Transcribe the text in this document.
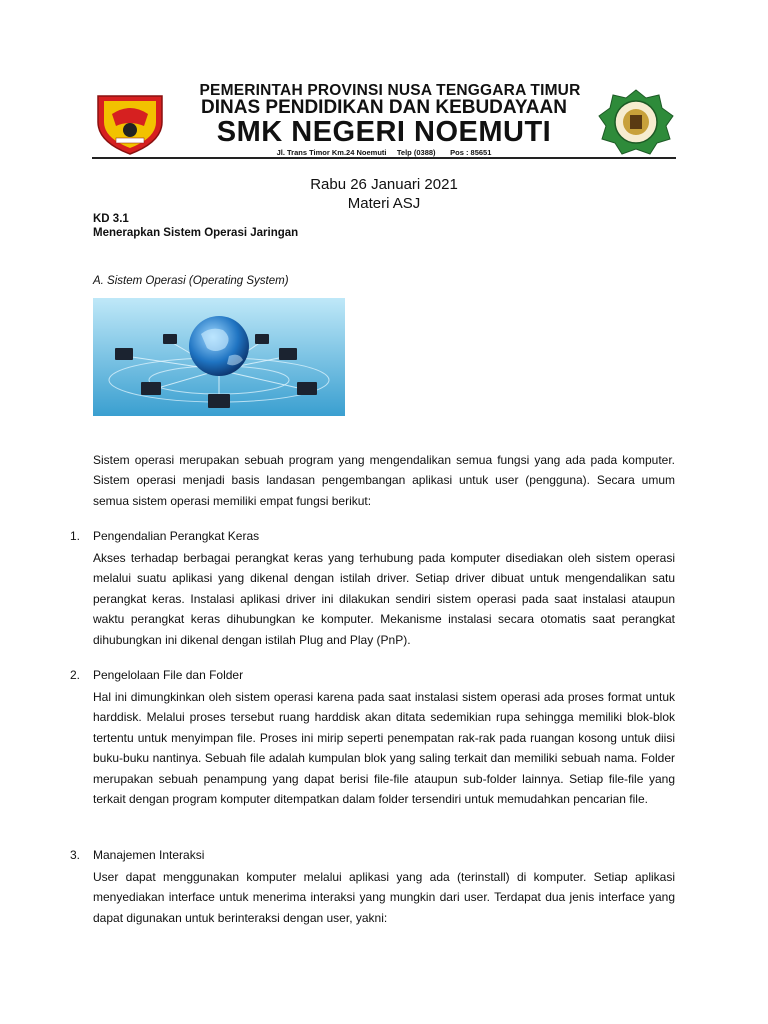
PEMERINTAH PROVINSI NUSA TENGGARA TIMUR
DINAS PENDIDIKAN DAN KEBUDAYAAN
SMK NEGERI NOEMUTI
Jl. Trans Timor Km.24 Noemuti     Telp (0388)       Pos : 85651
Rabu 26 Januari 2021
Materi ASJ
KD 3.1
Menerapkan Sistem Operasi Jaringan
A. Sistem Operasi (Operating System)
Sistem operasi merupakan sebuah program yang mengendalikan semua fungsi yang ada pada komputer. Sistem operasi menjadi basis landasan pengembangan aplikasi untuk user (pengguna). Secara umum semua sistem operasi memiliki empat fungsi berikut:
1. Pengendalian Perangkat Keras
Akses terhadap berbagai perangkat keras yang terhubung pada komputer disediakan oleh sistem operasi melalui suatu aplikasi yang dikenal dengan istilah driver. Setiap driver dibuat untuk mengendalikan satu perangkat keras. Instalasi aplikasi driver ini dilakukan sendiri sistem operasi pada saat instalasi ataupun waktu perangkat keras dihubungkan ke komputer. Mekanisme instalasi secara otomatis saat perangkat dihubungkan ini dikenal dengan istilah Plug and Play (PnP).
2. Pengelolaan File dan Folder
Hal ini dimungkinkan oleh sistem operasi karena pada saat instalasi sistem operasi ada proses format untuk harddisk. Melalui proses tersebut ruang harddisk akan ditata sedemikian rupa sehingga memiliki blok-blok tertentu untuk menyimpan file. Proses ini mirip seperti penempatan rak-rak pada ruangan kosong untuk diisi buku-buku nantinya. Sebuah file adalah kumpulan blok yang saling terkait dan memiliki sebuah nama. Folder merupakan sebuah penampung yang dapat berisi file-file ataupun sub-folder lainnya. Setiap file-file yang terkait dengan program komputer ditempatkan dalam folder tersendiri untuk memudahkan pencarian file.
3. Manajemen Interaksi
User dapat menggunakan komputer melalui aplikasi yang ada (terinstall) di komputer. Setiap aplikasi menyediakan interface untuk menerima interaksi yang mungkin dari user. Terdapat dua jenis interface yang dapat digunakan untuk berinteraksi dengan user, yakni:
